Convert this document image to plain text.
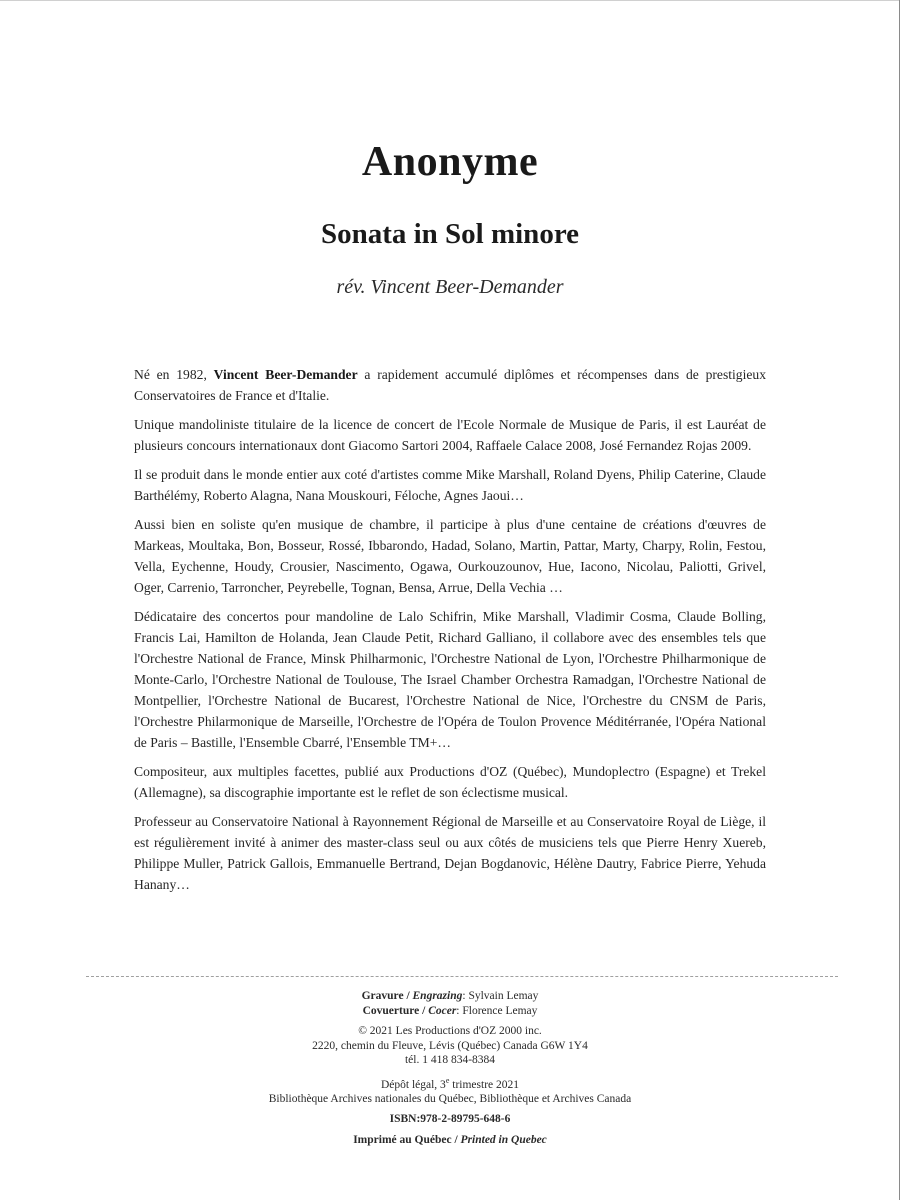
Anonyme
Sonata in Sol minore
rév. Vincent Beer-Demander

Né en 1982, Vincent Beer-Demander a rapidement accumulé diplômes et récompenses dans de prestigieux Conservatoires de France et d'Italie.

Unique mandoliniste titulaire de la licence de concert de l'Ecole Normale de Musique de Paris, il est Lauréat de plusieurs concours internationaux dont Giacomo Sartori 2004, Raffaele Calace 2008, José Fernandez Rojas 2009.

Il se produit dans le monde entier aux coté d'artistes comme Mike Marshall, Roland Dyens, Philip Caterine, Claude Barthélémy, Roberto Alagna, Nana Mouskouri, Féloche, Agnes Jaoui…

Aussi bien en soliste qu'en musique de chambre, il participe à plus d'une centaine de créations d'œuvres de Markeas, Moultaka, Bon, Bosseur, Rossé, Ibbarondo, Hadad, Solano, Martin, Pattar, Marty, Charpy, Rolin, Festou, Vella, Eychenne, Houdy, Crousier, Nascimento, Ogawa, Ourkouzounov, Hue, Iacono, Nicolau, Paliotti, Grivel, Oger, Carrenio, Tarroncher, Peyrebelle, Tognan, Bensa, Arrue, Della Vechia …

Dédicataire des concertos pour mandoline de Lalo Schifrin, Mike Marshall, Vladimir Cosma, Claude Bolling, Francis Lai, Hamilton de Holanda, Jean Claude Petit, Richard Galliano, il collabore avec des ensembles tels que l'Orchestre National de France, Minsk Philharmonic, l'Orchestre National de Lyon, l'Orchestre Philharmonique de Monte-Carlo, l'Orchestre National de Toulouse, The Israel Chamber Orchestra Ramadgan, l'Orchestre National de Montpellier, l'Orchestre National de Bucarest, l'Orchestre National de Nice, l'Orchestre du CNSM de Paris, l'Orchestre Philarmonique de Marseille, l'Orchestre de l'Opéra de Toulon Provence Méditérranée, l'Opéra National de Paris – Bastille, l'Ensemble Cbarré, l'Ensemble TM+…

Compositeur, aux multiples facettes, publié aux Productions d'OZ (Québec), Mundoplectro (Espagne) et Trekel (Allemagne), sa discographie importante est le reflet de son éclectisme musical.

Professeur au Conservatoire National à Rayonnement Régional de Marseille et au Conservatoire Royal de Liège, il est régulièrement invité à animer des master-class seul ou aux côtés de musiciens tels que Pierre Henry Xuereb, Philippe Muller, Patrick Gallois, Emmanuelle Bertrand, Dejan Bogdanovic, Hélène Dautry, Fabrice Pierre, Yehuda Hanany…

Gravure / Engrazing: Sylvain Lemay
Covuerture / Cocer: Florence Lemay
© 2021 Les Productions d'OZ 2000 inc.
2220, chemin du Fleuve, Lévis (Québec) Canada G6W 1Y4
tél. 1 418 834-8384
Dépôt légal, 3e trimestre 2021
Bibliothèque Archives nationales du Québec, Bibliothèque et Archives Canada
ISBN:978-2-89795-648-6
Imprimé au Québec / Printed in Quebec
